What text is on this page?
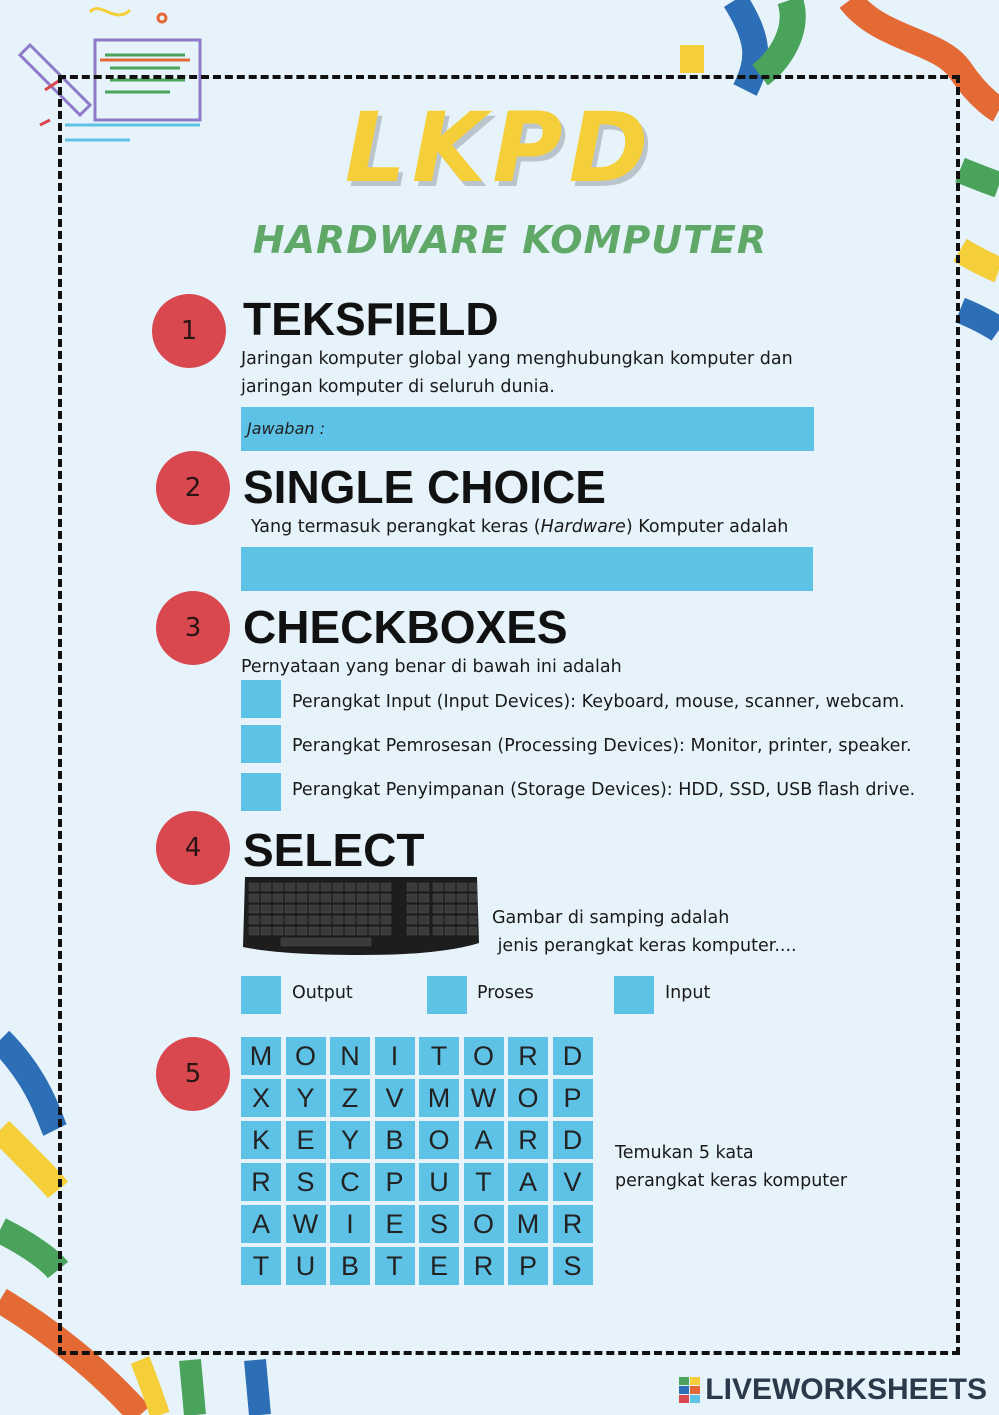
LKPD
HARDWARE KOMPUTER
1 TEKSFIELD
Jaringan komputer global yang menghubungkan komputer dan
jaringan komputer di seluruh dunia.
Jawaban :
2 SINGLE CHOICE
Yang termasuk perangkat keras (Hardware) Komputer adalah
3 CHECKBOXES
Pernyataan yang benar di bawah ini adalah
Perangkat Input (Input Devices): Keyboard, mouse, scanner, webcam.
Perangkat Pemrosesan (Processing Devices): Monitor, printer, speaker.
Perangkat Penyimpanan (Storage Devices): HDD, SSD, USB flash drive.
4 SELECT
Gambar di samping adalah
jenis perangkat keras komputer....
Output	Proses	Input
5
M O N	I	T O R D
X Y	Z	V M W O P
K E Y B O A R D
R S C P U T	A V
A W	I	E S O M R
T U B	T	E R P S
Temukan 5 kata
perangkat keras komputer
LIVEWORKSHEETS
